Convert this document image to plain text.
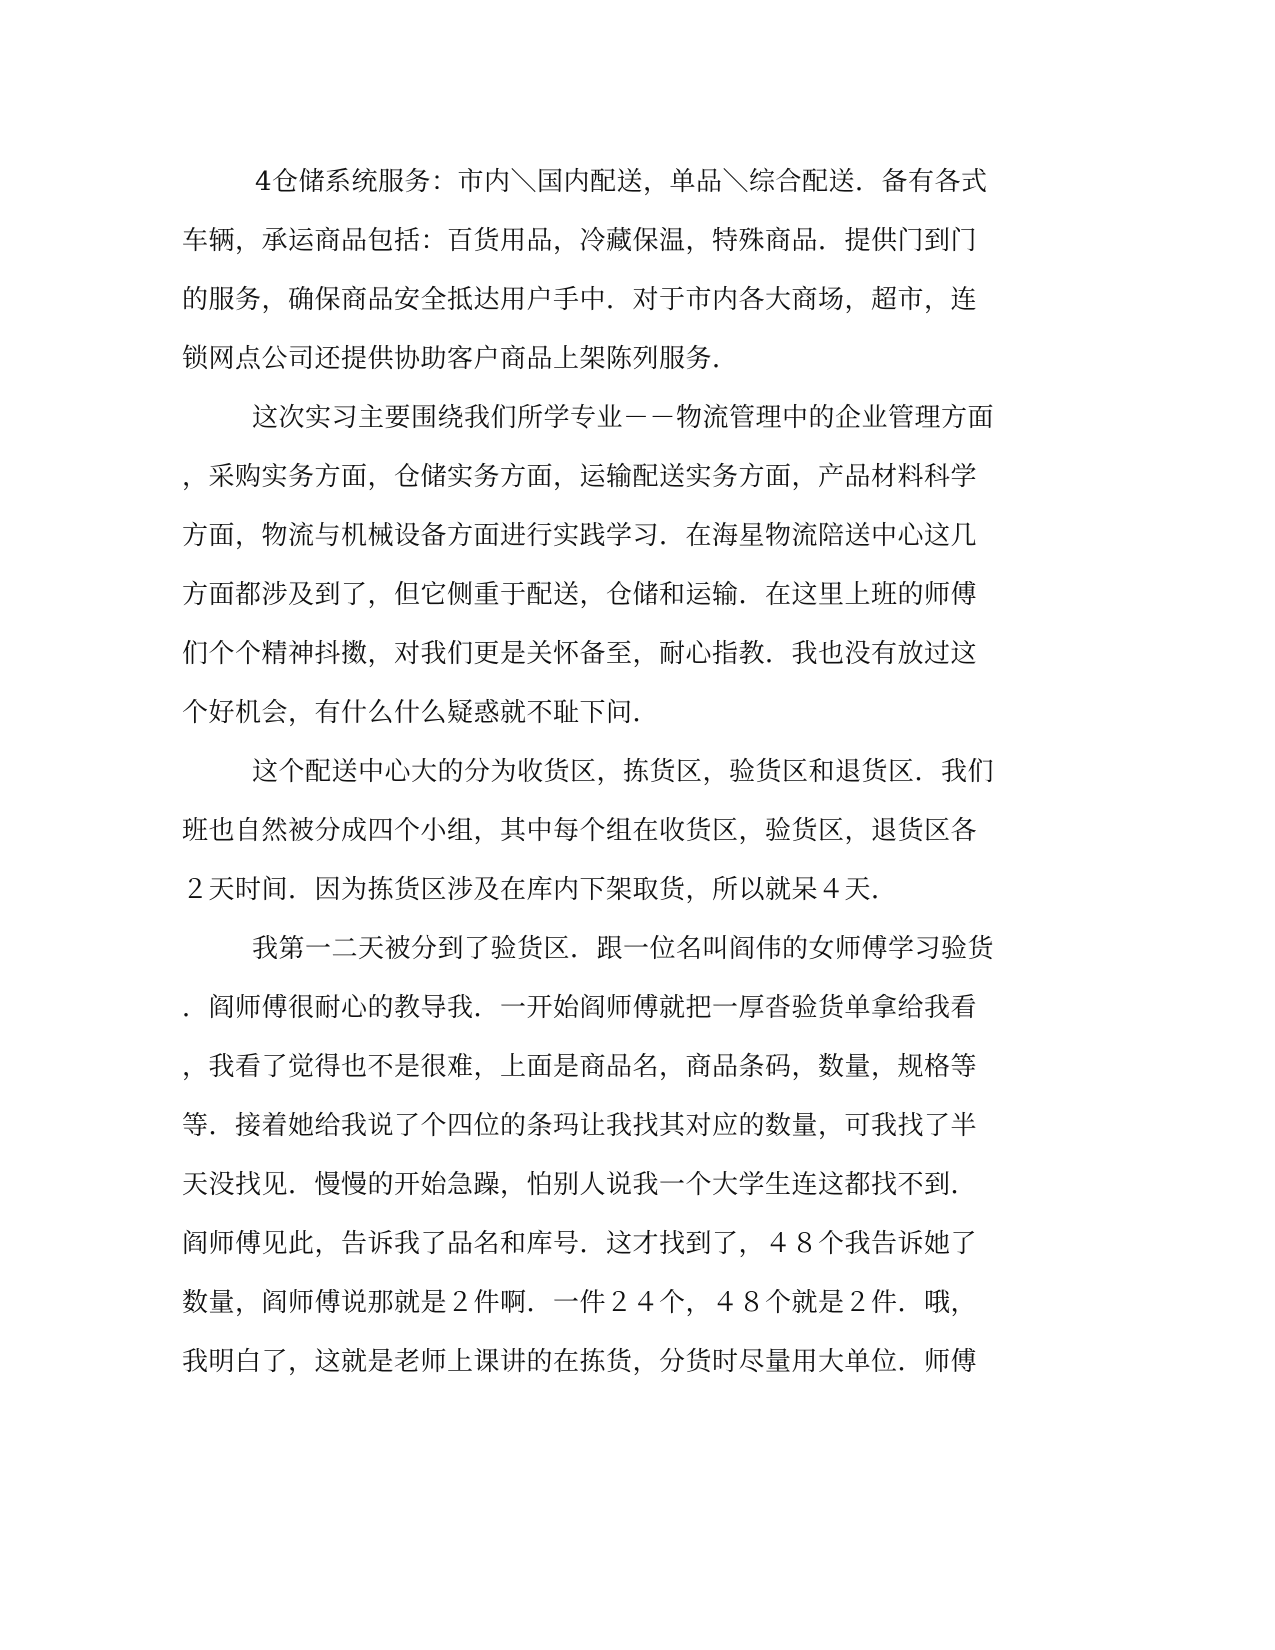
4仓储系统服务：市内＼国内配送，单品＼综合配送．备有各式

车辆，承运商品包括：百货用品，冷藏保温，特殊商品．提供门到门

的服务，确保商品安全抵达用户手中．对于市内各大商场，超市，连

锁网点公司还提供协助客户商品上架陈列服务．

这次实习主要围绕我们所学专业－－物流管理中的企业管理方面

，采购实务方面，仓储实务方面，运输配送实务方面，产品材料科学

方面，物流与机械设备方面进行实践学习．在海星物流陪送中心这几

方面都涉及到了，但它侧重于配送，仓储和运输．在这里上班的师傅

们个个精神抖擞，对我们更是关怀备至，耐心指教．我也没有放过这

个好机会，有什么什么疑惑就不耻下问．

这个配送中心大的分为收货区，拣货区，验货区和退货区．我们

班也自然被分成四个小组，其中每个组在收货区，验货区，退货区各

２天时间．因为拣货区涉及在库内下架取货，所以就呆４天．

我第一二天被分到了验货区．跟一位名叫阎伟的女师傅学习验货

．阎师傅很耐心的教导我．一开始阎师傅就把一厚沓验货单拿给我看

，我看了觉得也不是很难，上面是商品名，商品条码，数量，规格等

等．接着她给我说了个四位的条玛让我找其对应的数量，可我找了半

天没找见．慢慢的开始急躁，怕别人说我一个大学生连这都找不到．

阎师傅见此，告诉我了品名和库号．这才找到了，４８个我告诉她了

数量，阎师傅说那就是２件啊．一件２４个，４８个就是２件．哦，

我明白了，这就是老师上课讲的在拣货，分货时尽量用大单位．师傅
